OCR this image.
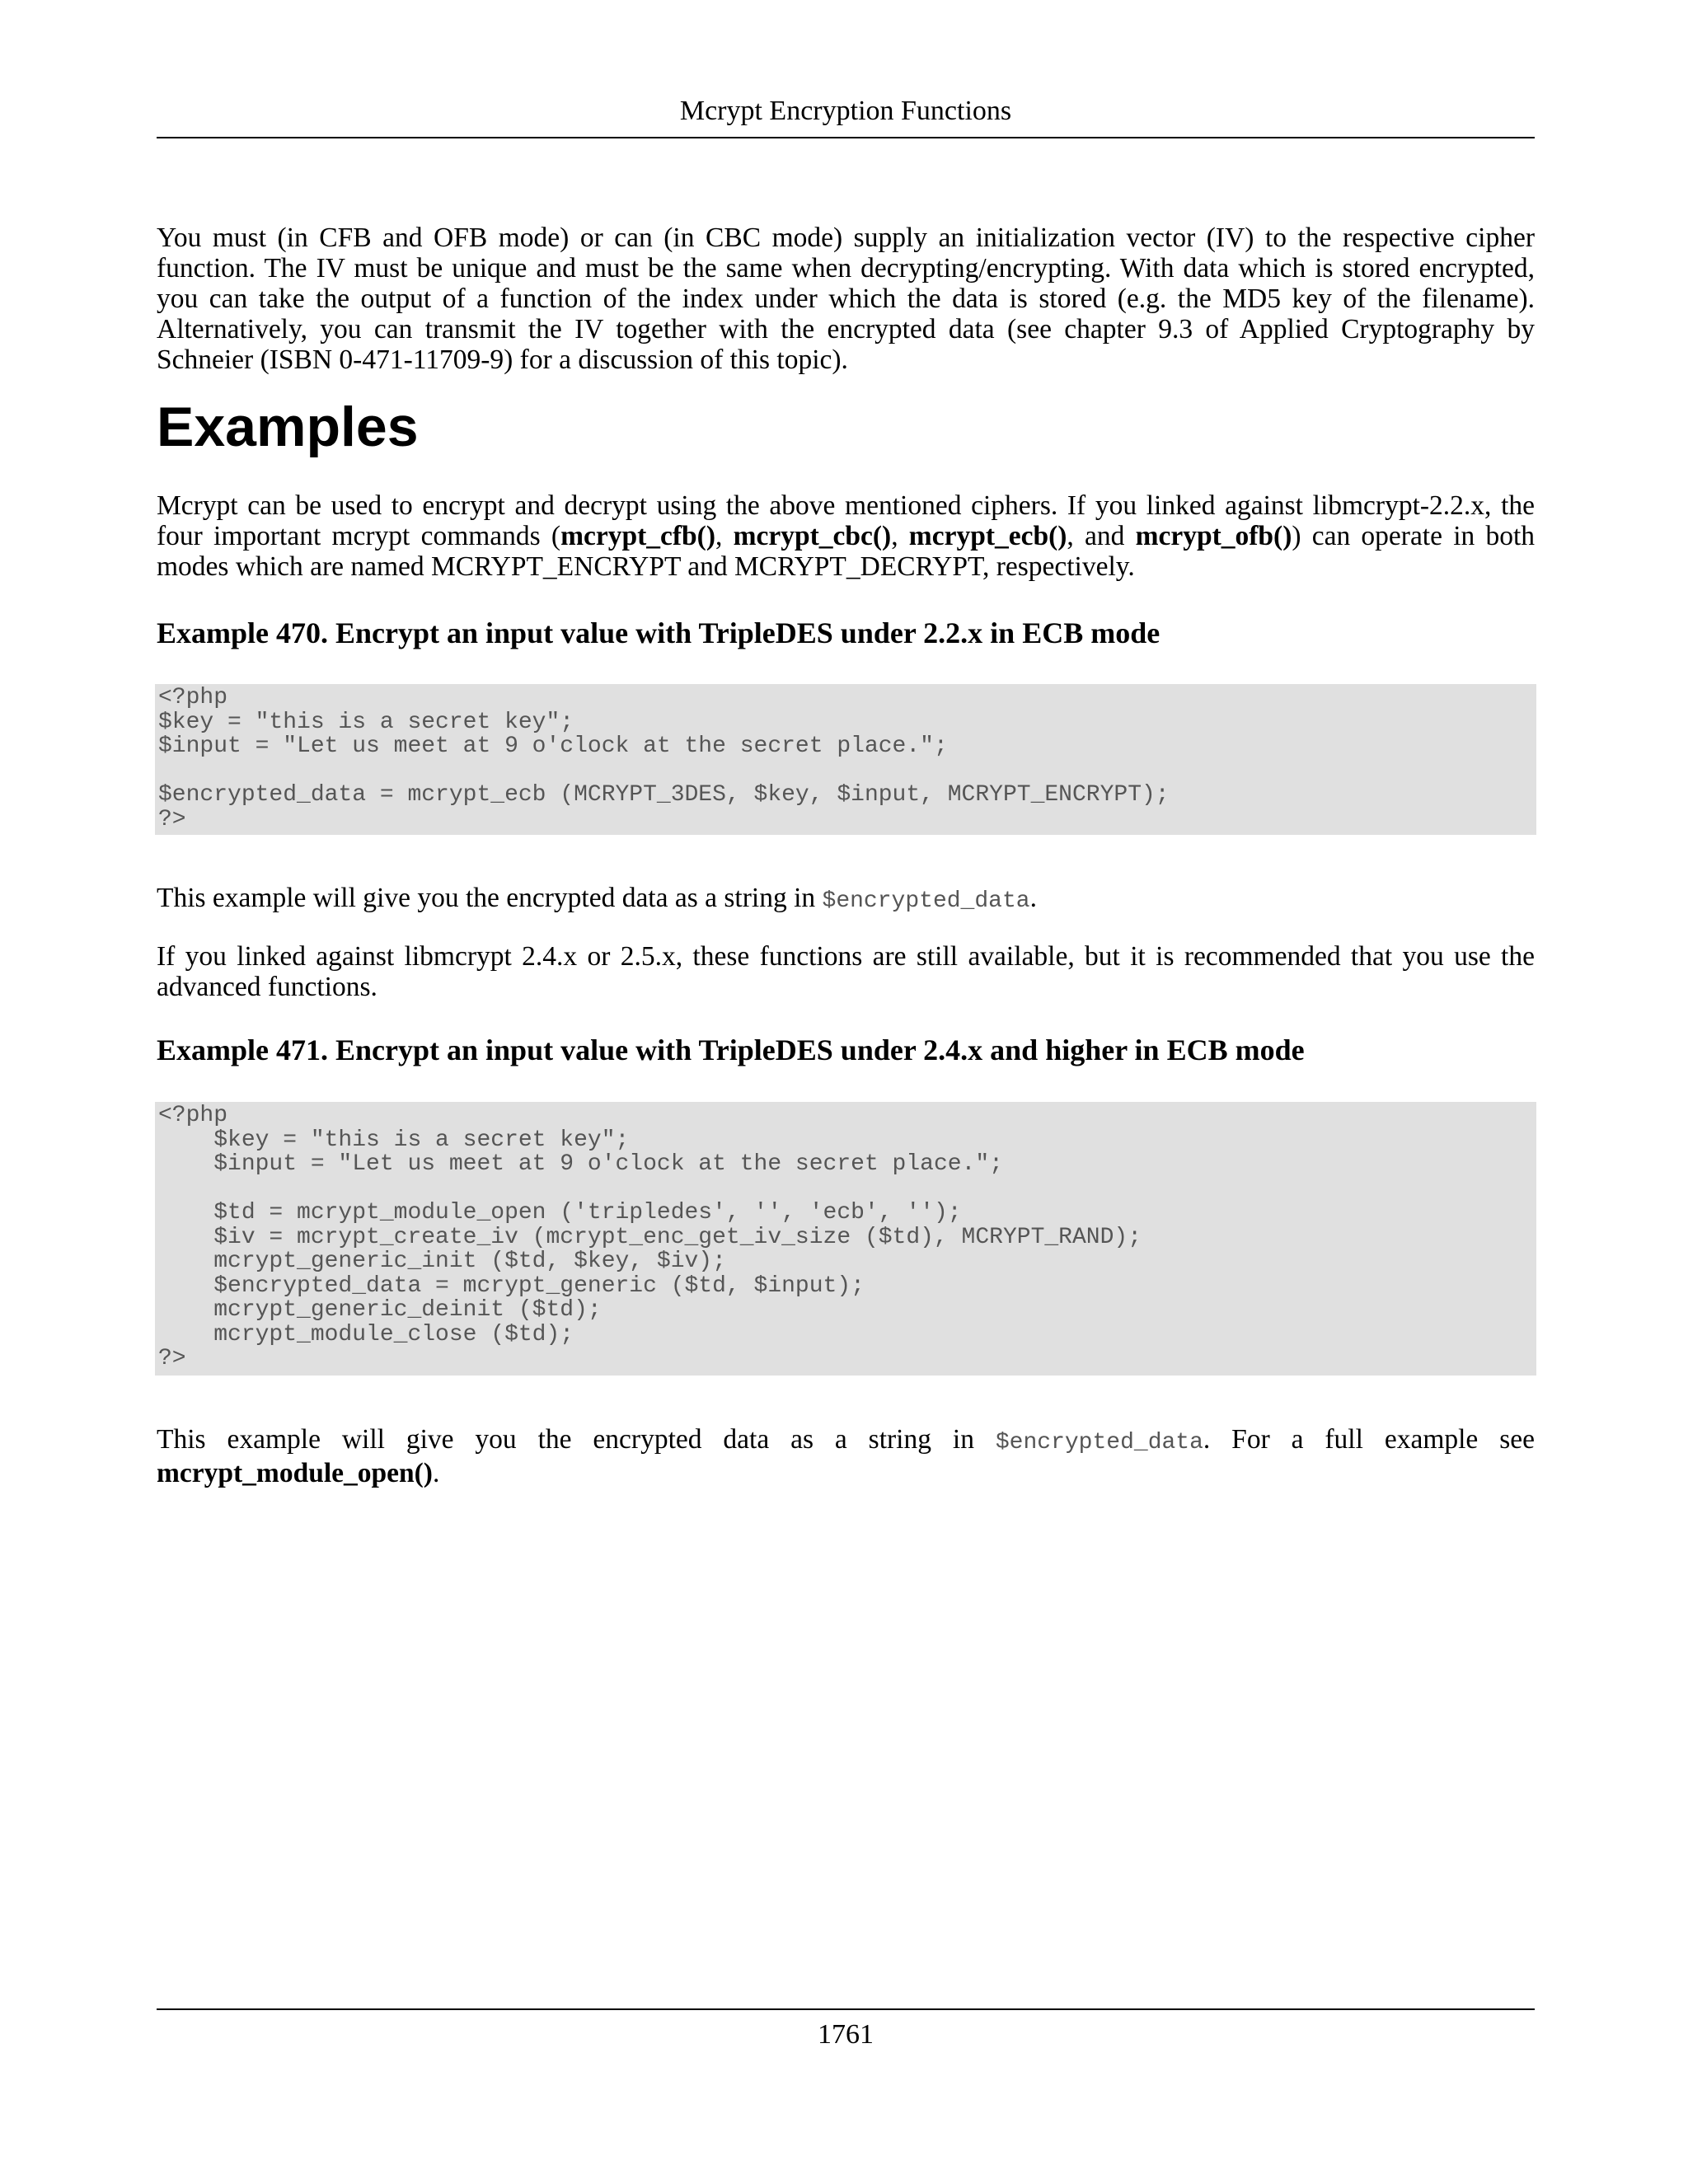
Mcrypt Encryption Functions

You must (in CFB and OFB mode) or can (in CBC mode) supply an initialization vector (IV) to the respective cipher function. The IV must be unique and must be the same when decrypting/encrypting. With data which is stored encrypted, you can take the output of a function of the index under which the data is stored (e.g. the MD5 key of the filename). Alternatively, you can transmit the IV together with the encrypted data (see chapter 9.3 of Applied Cryptography by Schneier (ISBN 0-471-11709-9) for a discussion of this topic).

Examples

Mcrypt can be used to encrypt and decrypt using the above mentioned ciphers. If you linked against libmcrypt-2.2.x, the four important mcrypt commands (mcrypt_cfb(), mcrypt_cbc(), mcrypt_ecb(), and mcrypt_ofb()) can operate in both modes which are named MCRYPT_ENCRYPT and MCRYPT_DECRYPT, respectively.

Example 470. Encrypt an input value with TripleDES under 2.2.x in ECB mode
<?php
$key = "this is a secret key";
$input = "Let us meet at 9 o'clock at the secret place.";

$encrypted_data = mcrypt_ecb (MCRYPT_3DES, $key, $input, MCRYPT_ENCRYPT);
?>

This example will give you the encrypted data as a string in $encrypted_data.

If you linked against libmcrypt 2.4.x or 2.5.x, these functions are still available, but it is recommended that you use the advanced functions.

Example 471. Encrypt an input value with TripleDES under 2.4.x and higher in ECB mode
<?php
$key = "this is a secret key";
$input = "Let us meet at 9 o'clock at the secret place.";

$td = mcrypt_module_open ('tripledes', '', 'ecb', '');
$iv = mcrypt_create_iv (mcrypt_enc_get_iv_size ($td), MCRYPT_RAND);
mcrypt_generic_init ($td, $key, $iv);
$encrypted_data = mcrypt_generic ($td, $input);
mcrypt_generic_deinit ($td);
mcrypt_module_close ($td);
?>

This example will give you the encrypted data as a string in $encrypted_data. For a full example see mcrypt_module_open().

1761
